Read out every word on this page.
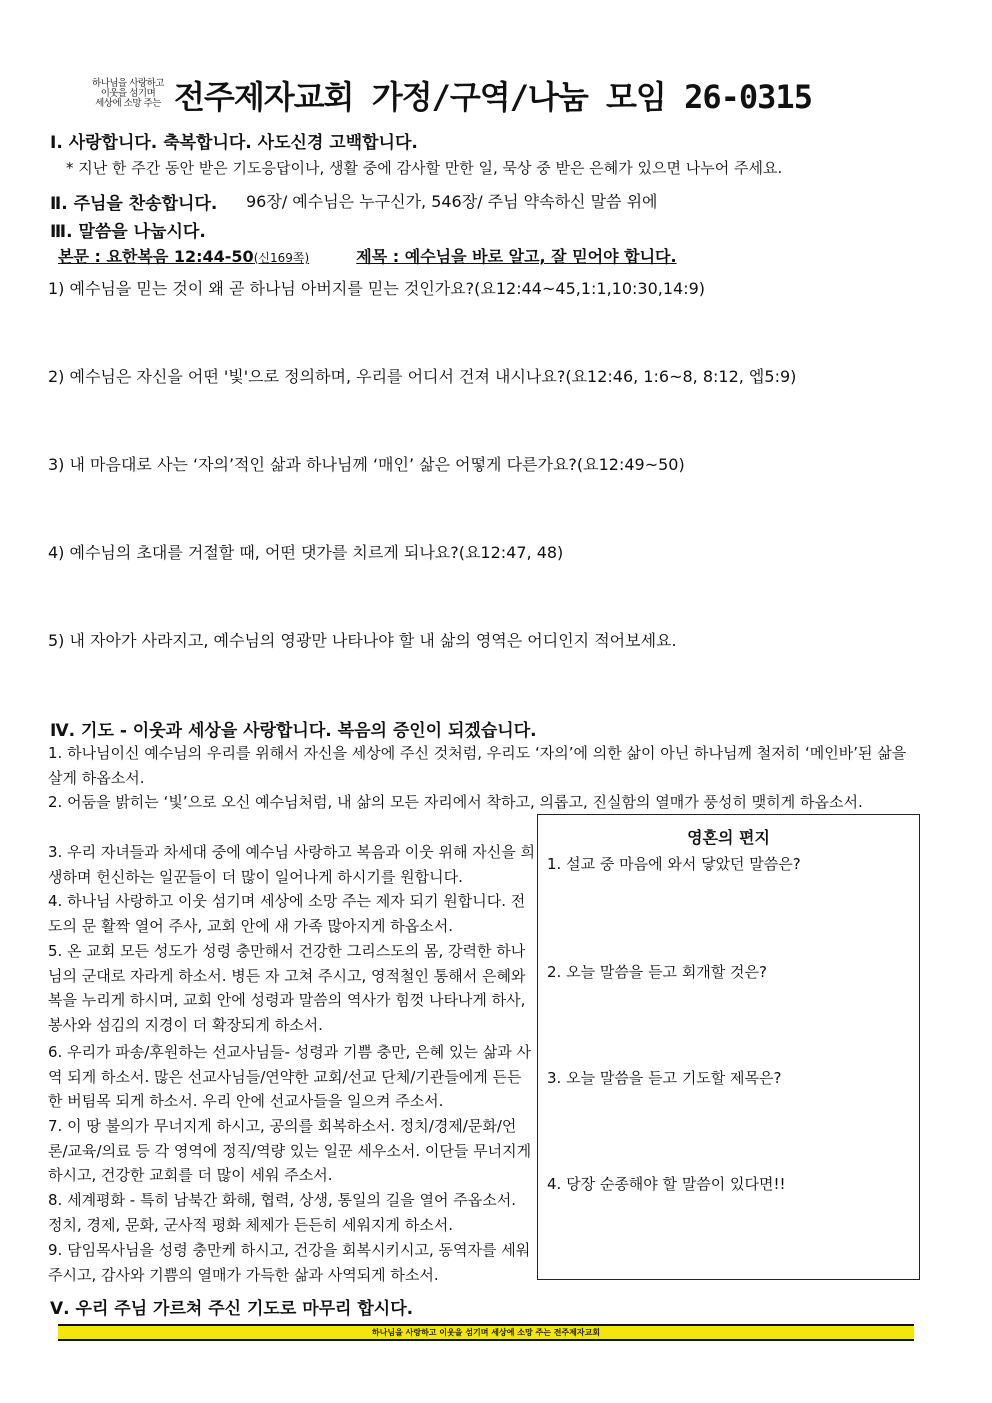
하나님을 사랑하고
이웃을 섬기며
세상에 소망 주는 전주제자교회 가정/구역/나눔 모임 26-0315
Ⅰ. 사랑합니다. 축복합니다. 사도신경 고백합니다.
* 지난 한 주간 동안 받은 기도응답이나, 생활 중에 감사할 만한 일, 묵상 중 받은 은혜가 있으면 나누어 주세요.
Ⅱ. 주님을 찬송합니다. 96장/ 예수님은 누구신가, 546장/ 주님 약속하신 말씀 위에
Ⅲ. 말씀을 나눕시다.
본문 : 요한복음 12:44-50(신169쪽)	제목 : 예수님을 바로 알고, 잘 믿어야 합니다.
1) 예수님을 믿는 것이 왜 곧 하나님 아버지를 믿는 것인가요?(요12:44~45,1:1,10:30,14:9)
2) 예수님은 자신을 어떤 '빛'으로 정의하며, 우리를 어디서 건져 내시나요?(요12:46, 1:6~8, 8:12, 엡5:9)
3) 내 마음대로 사는 ‘자의’적인 삶과 하나님께 ‘매인’ 삶은 어떻게 다른가요?(요12:49~50)
4) 예수님의 초대를 거절할 때, 어떤 댓가를 치르게 되나요?(요12:47, 48)
5) 내 자아가 사라지고, 예수님의 영광만 나타나야 할 내 삶의 영역은 어디인지 적어보세요.
Ⅳ. 기도 - 이웃과 세상을 사랑합니다. 복음의 증인이 되겠습니다.
1. 하나님이신 예수님의 우리를 위해서 자신을 세상에 주신 것처럼, 우리도 ‘자의’에 의한 삶이 아닌 하나님께 철저히 ‘메인바’된 삶을 살게 하옵소서.
2. 어둠을 밝히는 ‘빛’으로 오신 예수님처럼, 내 삶의 모든 자리에서 착하고, 의롭고, 진실함의 열매가 풍성히 맺히게 하옵소서.
3. 우리 자녀들과 차세대 중에 예수님 사랑하고 복음과 이웃 위해 자신을 희생하며 헌신하는 일꾼들이 더 많이 일어나게 하시기를 원합니다.
4. 하나님 사랑하고 이웃 섬기며 세상에 소망 주는 제자 되기 원합니다. 전도의 문 활짝 열어 주사, 교회 안에 새 가족 많아지게 하옵소서.
5. 온 교회 모든 성도가 성령 충만해서 건강한 그리스도의 몸, 강력한 하나님의 군대로 자라게 하소서. 병든 자 고쳐 주시고, 영적철인 통해서 은혜와 복을 누리게 하시며, 교회 안에 성령과 말씀의 역사가 힘껏 나타나게 하사, 봉사와 섬김의 지경이 더 확장되게 하소서.
6. 우리가 파송/후원하는 선교사님들- 성령과 기쁨 충만, 은혜 있는 삶과 사역 되게 하소서. 많은 선교사님들/연약한 교회/선교 단체/기관들에게 든든한 버팀목 되게 하소서. 우리 안에 선교사들을 일으켜 주소서.
7. 이 땅 불의가 무너지게 하시고, 공의를 회복하소서. 정치/경제/문화/언론/교육/의료 등 각 영역에 정직/역량 있는 일꾼 세우소서. 이단들 무너지게 하시고, 건강한 교회를 더 많이 세워 주소서.
8. 세계평화 - 특히 남북간 화해, 협력, 상생, 통일의 길을 열어 주옵소서. 정치, 경제, 문화, 군사적 평화 체제가 든든히 세워지게 하소서.
9. 담임목사님을 성령 충만케 하시고, 건강을 회복시키시고, 동역자를 세워 주시고, 감사와 기쁨의 열매가 가득한 삶과 사역되게 하소서.
영혼의 편지
1. 설교 중 마음에 와서 닿았던 말씀은?
2. 오늘 말씀을 듣고 회개할 것은?
3. 오늘 말씀을 듣고 기도할 제목은?
4. 당장 순종해야 할 말씀이 있다면!!
Ⅴ. 우리 주님 가르쳐 주신 기도로 마무리 합시다.
하나님을 사랑하고 이웃을 섬기며 세상에 소망 주는 전주제자교회
